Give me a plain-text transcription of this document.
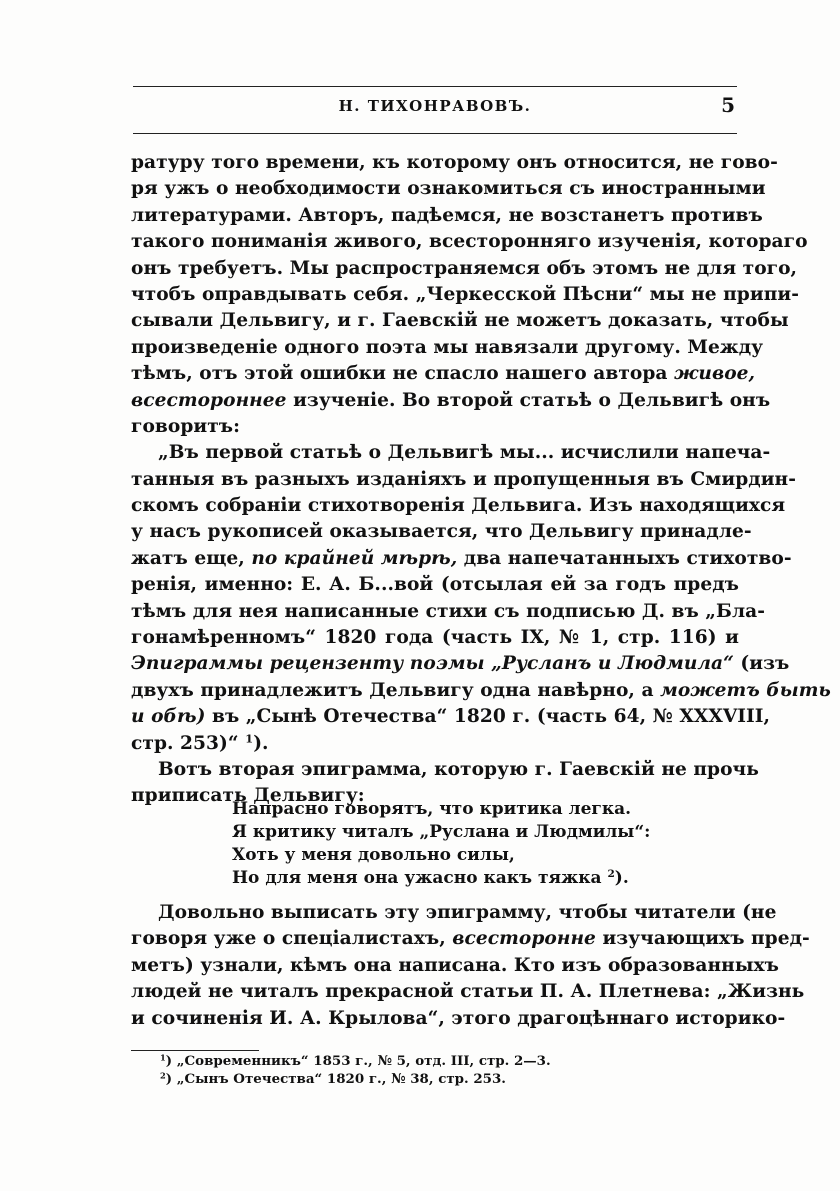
Н. ТИХОНРАВОВЪ.	5
ратуру того времени, къ которому онъ относится, не гово-
ря ужъ о необходимости ознакомиться съ иностранными
литературами. Авторъ, падѣемся, не возстанетъ противъ
такого пониманія живого, всесторонняго изученія, котораго
онъ требуетъ. Мы распространяемся объ этомъ не для того,
чтобъ оправдывать себя. „Черкесской Пѣсни“ мы не припи-
сывали Дельвигу, и г. Гаевскій не можетъ доказать, чтобы
произведеніе одного поэта мы навязали другому. Между
тѣмъ, отъ этой ошибки не спасло нашего автора живое,
всестороннее изученіе. Во второй статьѣ о Дельвигѣ онъ
говоритъ:
„Въ первой статьѣ о Дельвигѣ мы... исчислили напеча-
танныя въ разныхъ изданіяхъ и пропущенныя въ Смирдин-
скомъ собраніи стихотворенія Дельвига. Изъ находящихся
у насъ рукописей оказывается, что Дельвигу принадле-
жатъ еще, по крайней мѣрѣ, два напечатанныхъ стихотво-
ренія, именно: Е. А. Б...вой (отсылая ей за годъ предъ
тѣмъ для нея написанные стихи съ подписью Д. въ „Бла-
гонамѣренномъ“ 1820 года (часть IX, № 1, стр. 116) и
Эпиграммы рецензенту поэмы „Русланъ и Людмила“ (изъ
двухъ принадлежитъ Дельвигу одна навѣрно, а можетъ быть
и обѣ) въ „Сынѣ Отечества“ 1820 г. (часть 64, № XXXVIII,
стр. 253)“ $^1$).
Вотъ вторая эпиграмма, которую г. Гаевскій не прочь
приписать Дельвигу:
Напрасно говорятъ, что критика легка.
Я критику читалъ „Руслана и Людмилы“:
Хоть у меня довольно силы,
Но для меня она ужасно какъ тяжка $^2$).
Довольно выписать эту эпиграмму, чтобы читатели (не
говоря уже о спеціалистахъ, всесторонне изучающихъ пред-
метъ) узнали, кѣмъ она написана. Кто изъ образованныхъ
людей не читалъ прекрасной статьи П. А. Плетнева: „Жизнь
и сочиненія И. А. Крылова“, этого драгоцѣннаго историко-
$^1$) „Современникъ“ 1853 г., № 5, отд. III, стр. 2—3.
$^2$) „Сынъ Отечества“ 1820 г., № 38, стр. 253.
